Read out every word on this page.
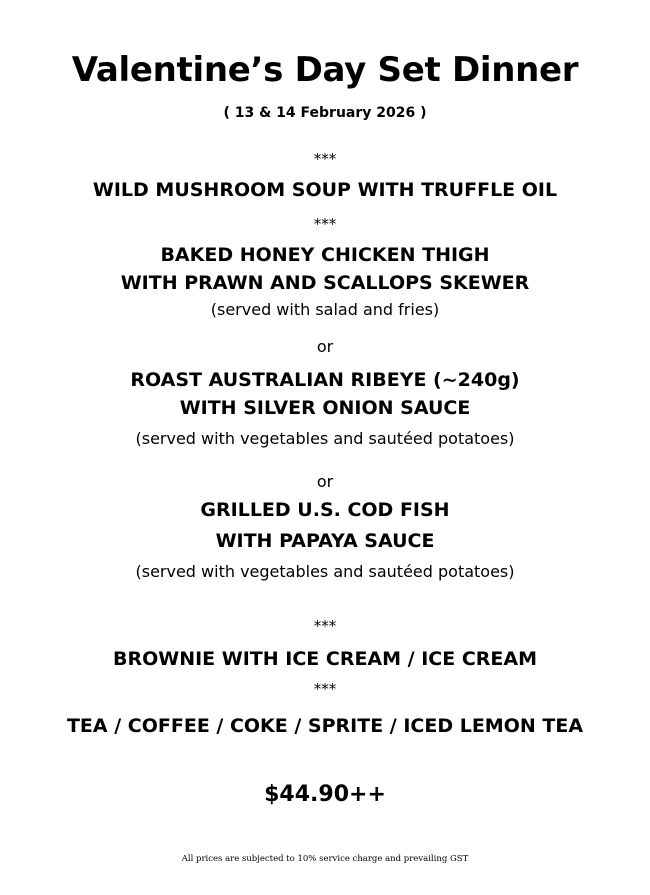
Valentine’s Day Set Dinner
( 13 & 14 February 2026 )
***
WILD MUSHROOM SOUP WITH TRUFFLE OIL
***
BAKED HONEY CHICKEN THIGH
WITH PRAWN AND SCALLOPS SKEWER
(served with salad and fries)
or
ROAST AUSTRALIAN RIBEYE (~240g)
WITH SILVER ONION SAUCE
(served with vegetables and sautéed potatoes)
or
GRILLED U.S. COD FISH
WITH PAPAYA SAUCE
(served with vegetables and sautéed potatoes)
***
BROWNIE WITH ICE CREAM / ICE CREAM
***
TEA / COFFEE / COKE / SPRITE / ICED LEMON TEA
$44.90++
All prices are subjected to 10% service charge and prevailing GST
